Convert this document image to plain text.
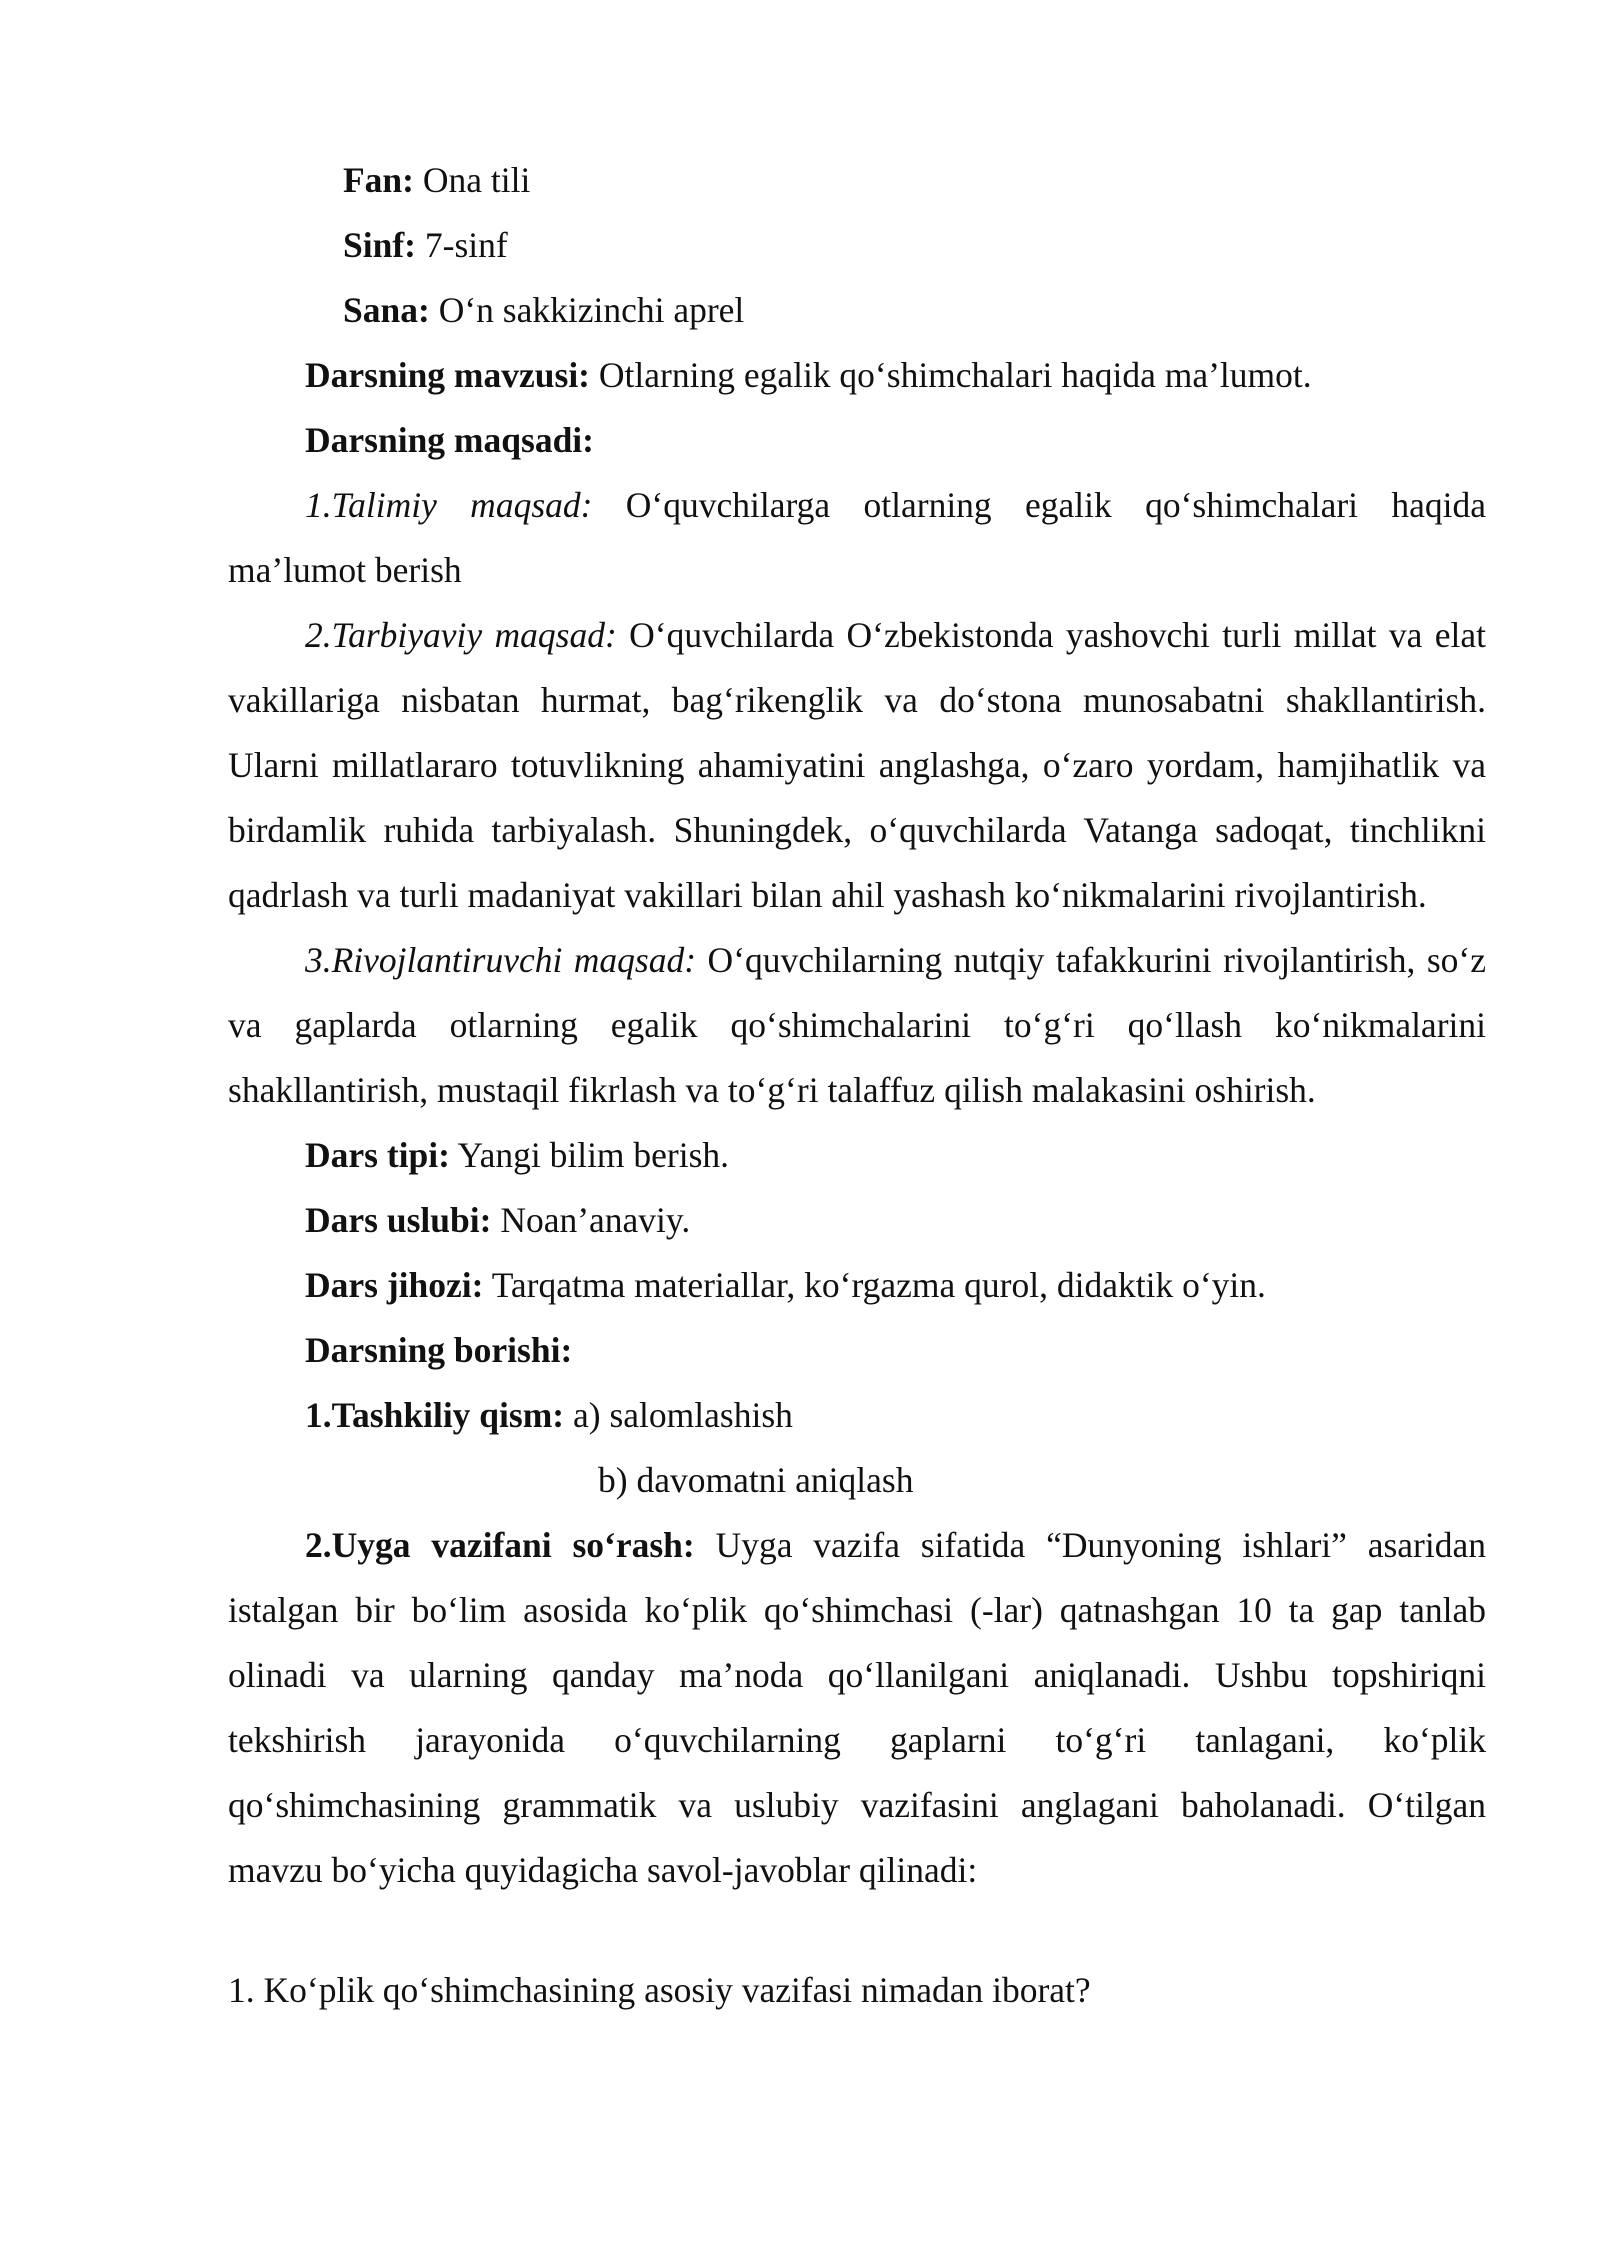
Fan: Ona tili

Sinf: 7-sinf

Sana: O‘n sakkizinchi aprel

Darsning mavzusi: Otlarning egalik qo‘shimchalari haqida ma’lumot.

Darsning maqsadi:

1.Talimiy maqsad: O‘quvchilarga otlarning egalik qo‘shimchalari haqida ma’lumot berish

2.Tarbiyaviy maqsad: O‘quvchilarda O‘zbekistonda yashovchi turli millat va elat vakillariga nisbatan hurmat, bag‘rikenglik va do‘stona munosabatni shakllantirish. Ularni millatlararo totuvlikning ahamiyatini anglashga, o‘zaro yordam, hamjihatlik va birdamlik ruhida tarbiyalash. Shuningdek, o‘quvchilarda Vatanga sadoqat, tinchlikni qadrlash va turli madaniyat vakillari bilan ahil yashash ko‘nikmalarini rivojlantirish.

3.Rivojlantiruvchi maqsad: O‘quvchilarning nutqiy tafakkurini rivojlantirish, so‘z va gaplarda otlarning egalik qo‘shimchalarini to‘g‘ri qo‘llash ko‘nikmalarini shakllantirish, mustaqil fikrlash va to‘g‘ri talaffuz qilish malakasini oshirish.

Dars tipi: Yangi bilim berish.

Dars uslubi: Noan’anaviy.

Dars jihozi: Tarqatma materiallar, ko‘rgazma qurol, didaktik o‘yin.

Darsning borishi:

1.Tashkiliy qism: a) salomlashish

b) davomatni aniqlash

2.Uyga vazifani so‘rash: Uyga vazifa sifatida “Dunyoning ishlari” asaridan istalgan bir bo‘lim asosida ko‘plik qo‘shimchasi (-lar) qatnashgan 10 ta gap tanlab olinadi va ularning qanday ma’noda qo‘llanilgani aniqlanadi. Ushbu topshiriqni tekshirish jarayonida o‘quvchilarning gaplarni to‘g‘ri tanlagani, ko‘plik qo‘shimchasining grammatik va uslubiy vazifasini anglagani baholanadi. O‘tilgan mavzu bo‘yicha quyidagicha savol-javoblar qilinadi:

1. Ko‘plik qo‘shimchasining asosiy vazifasi nimadan iborat?
